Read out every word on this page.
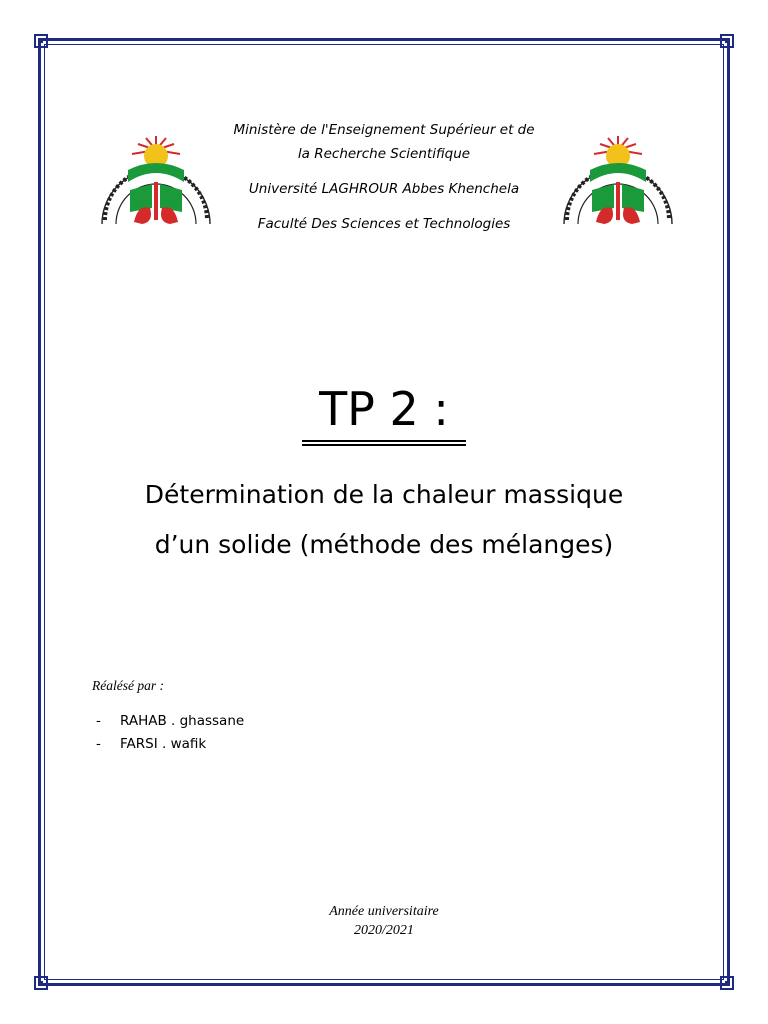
Ministère de l'Enseignement Supérieur et de
la Recherche Scientifique
Université LAGHROUR Abbes Khenchela
Faculté Des Sciences et Technologies
TP 2 :
Détermination de la chaleur massique
d’un solide (méthode des mélanges)
Réalésé par :
- RAHAB . ghassane
- FARSI . wafik
Année universitaire
2020/2021
